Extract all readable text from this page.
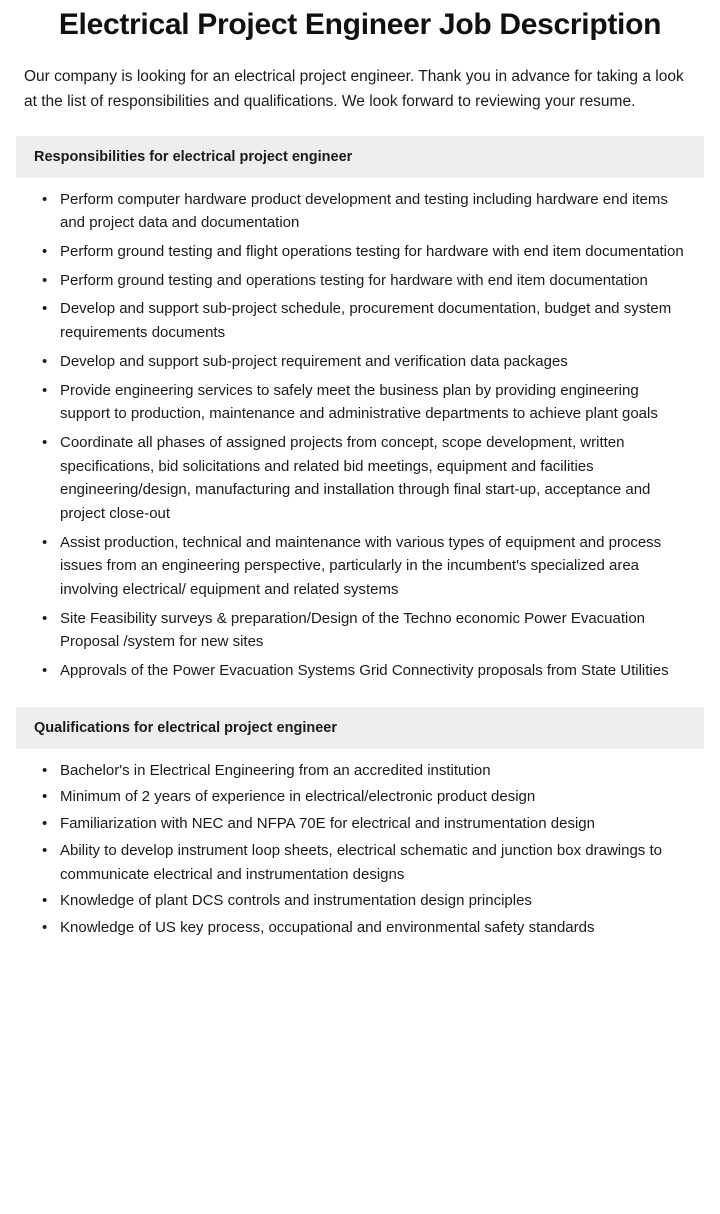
Electrical Project Engineer Job Description

Our company is looking for an electrical project engineer. Thank you in advance for taking a look at the list of responsibilities and qualifications. We look forward to reviewing your resume.

Responsibilities for electrical project engineer
• Perform computer hardware product development and testing including hardware end items and project data and documentation
• Perform ground testing and flight operations testing for hardware with end item documentation
• Perform ground testing and operations testing for hardware with end item documentation
• Develop and support sub-project schedule, procurement documentation, budget and system requirements documents
• Develop and support sub-project requirement and verification data packages
• Provide engineering services to safely meet the business plan by providing engineering support to production, maintenance and administrative departments to achieve plant goals
• Coordinate all phases of assigned projects from concept, scope development, written specifications, bid solicitations and related bid meetings, equipment and facilities engineering/design, manufacturing and installation through final start-up, acceptance and project close-out
• Assist production, technical and maintenance with various types of equipment and process issues from an engineering perspective, particularly in the incumbent's specialized area involving electrical/ equipment and related systems
• Site Feasibility surveys & preparation/Design of the Techno economic Power Evacuation Proposal /system for new sites
• Approvals of the Power Evacuation Systems Grid Connectivity proposals from State Utilities
Qualifications for electrical project engineer
• Bachelor's in Electrical Engineering from an accredited institution
• Minimum of 2 years of experience in electrical/electronic product design
• Familiarization with NEC and NFPA 70E for electrical and instrumentation design
• Ability to develop instrument loop sheets, electrical schematic and junction box drawings to communicate electrical and instrumentation designs
• Knowledge of plant DCS controls and instrumentation design principles
• Knowledge of US key process, occupational and environmental safety standards
